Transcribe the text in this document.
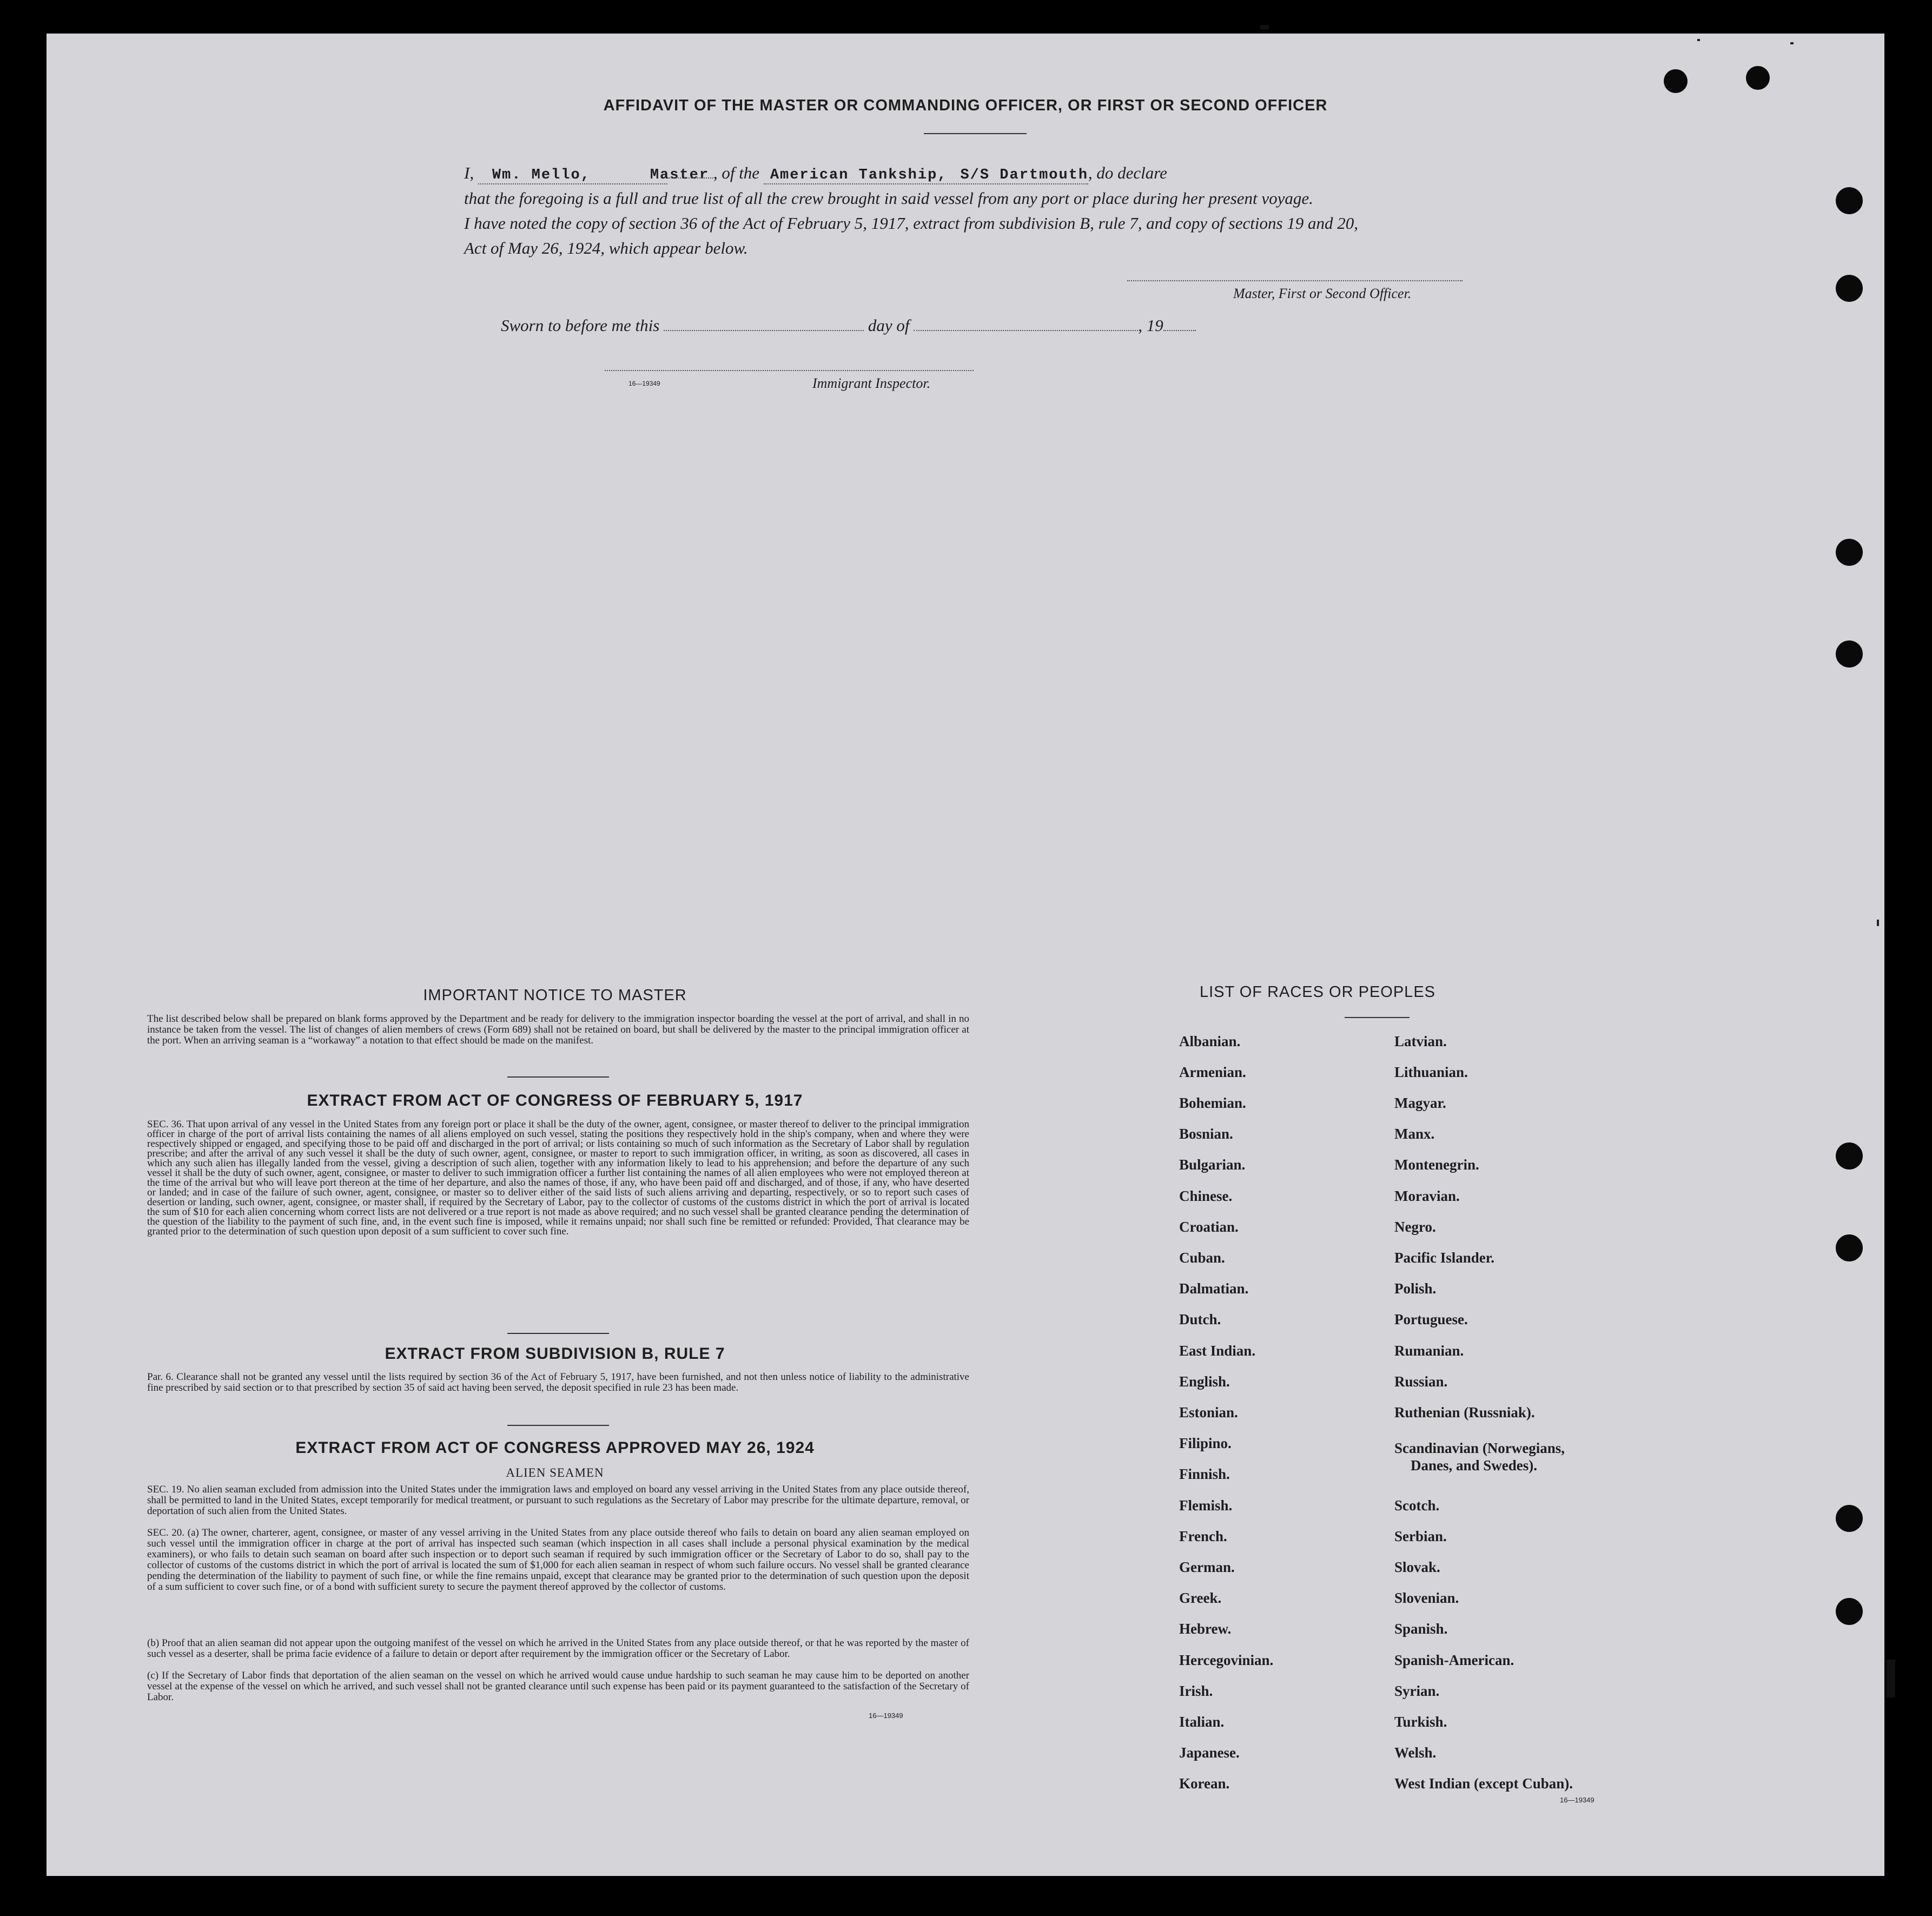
AFFIDAVIT OF THE MASTER OR COMMANDING OFFICER, OR FIRST OR SECOND OFFICER
I, Wm. Mello,	Master , of the American Tankship, S/S Dartmouth, do declare
that the foregoing is a full and true list of all the crew brought in said vessel from any port or place during her present voyage.
I have noted the copy of section 36 of the Act of February 5, 1917, extract from subdivision B, rule 7, and copy of sections 19 and 20,
Act of May 26, 1924, which appear below.
Master, First or Second Officer.
Sworn to before me this	day of	, 19
16—19349	Immigrant Inspector.
IMPORTANT NOTICE TO MASTER

The list described below shall be prepared on blank forms approved by the Department and be ready for delivery to the immigration inspector boarding the vessel at the port of arrival, and shall in no instance be taken from the vessel. The list of changes of alien members of crews (Form 689) shall not be retained on board, but shall be delivered by the master to the principal immigration officer at the port. When an arriving seaman is a “workaway” a notation to that effect should be made on the manifest.

EXTRACT FROM ACT OF CONGRESS OF FEBRUARY 5, 1917

SEC. 36. That upon arrival of any vessel in the United States from any foreign port or place it shall be the duty of the owner, agent, consignee, or master thereof to deliver to the principal immigration officer in charge of the port of arrival lists containing the names of all aliens employed on such vessel, stating the positions they respectively hold in the ship's company, when and where they were respectively shipped or engaged, and specifying those to be paid off and discharged in the port of arrival; or lists containing so much of such information as the Secretary of Labor shall by regulation prescribe; and after the arrival of any such vessel it shall be the duty of such owner, agent, consignee, or master to report to such immigration officer, in writing, as soon as discovered, all cases in which any such alien has illegally landed from the vessel, giving a description of such alien, together with any information likely to lead to his apprehension; and before the departure of any such vessel it shall be the duty of such owner, agent, consignee, or master to deliver to such immigration officer a further list containing the names of all alien employees who were not employed thereon at the time of the arrival but who will leave port thereon at the time of her departure, and also the names of those, if any, who have been paid off and discharged, and of those, if any, who have deserted or landed; and in case of the failure of such owner, agent, consignee, or master so to deliver either of the said lists of such aliens arriving and departing, respectively, or so to report such cases of desertion or landing, such owner, agent, consignee, or master shall, if required by the Secretary of Labor, pay to the collector of customs of the customs district in which the port of arrival is located the sum of $10 for each alien concerning whom correct lists are not delivered or a true report is not made as above required; and no such vessel shall be granted clearance pending the determination of the question of the liability to the payment of such fine, and, in the event such fine is imposed, while it remains unpaid; nor shall such fine be remitted or refunded: Provided, That clearance may be granted prior to the determination of such question upon deposit of a sum sufficient to cover such fine.

EXTRACT FROM SUBDIVISION B, RULE 7

Par. 6. Clearance shall not be granted any vessel until the lists required by section 36 of the Act of February 5, 1917, have been furnished, and not then unless notice of liability to the administrative fine prescribed by said section or to that prescribed by section 35 of said act having been served, the deposit specified in rule 23 has been made.

EXTRACT FROM ACT OF CONGRESS APPROVED MAY 26, 1924
ALIEN SEAMEN

SEC. 19. No alien seaman excluded from admission into the United States under the immigration laws and employed on board any vessel arriving in the United States from any place outside thereof, shall be permitted to land in the United States, except temporarily for medical treatment, or pursuant to such regulations as the Secretary of Labor may prescribe for the ultimate departure, removal, or deportation of such alien from the United States.

SEC. 20. (a) The owner, charterer, agent, consignee, or master of any vessel arriving in the United States from any place outside thereof who fails to detain on board any alien seaman employed on such vessel until the immigration officer in charge at the port of arrival has inspected such seaman (which inspection in all cases shall include a personal physical examination by the medical examiners), or who fails to detain such seaman on board after such inspection or to deport such seaman if required by such immigration officer or the Secretary of Labor to do so, shall pay to the collector of customs of the customs district in which the port of arrival is located the sum of $1,000 for each alien seaman in respect of whom such failure occurs. No vessel shall be granted clearance pending the determination of the liability to payment of such fine, or while the fine remains unpaid, except that clearance may be granted prior to the determination of such question upon the deposit of a sum sufficient to cover such fine, or of a bond with sufficient surety to secure the payment thereof approved by the collector of customs.

(b) Proof that an alien seaman did not appear upon the outgoing manifest of the vessel on which he arrived in the United States from any place outside thereof, or that he was reported by the master of such vessel as a deserter, shall be prima facie evidence of a failure to detain or deport after requirement by the immigration officer or the Secretary of Labor.

(c) If the Secretary of Labor finds that deportation of the alien seaman on the vessel on which he arrived would cause undue hardship to such seaman he may cause him to be deported on another vessel at the expense of the vessel on which he arrived, and such vessel shall not be granted clearance until such expense has been paid or its payment guaranteed to the satisfaction of the Secretary of Labor.

16—19349
LIST OF RACES OR PEOPLES
Albanian.
Armenian.
Bohemian.
Bosnian.
Bulgarian.
Chinese.
Croatian.
Cuban.
Dalmatian.
Dutch.
East Indian.
English.
Estonian.
Filipino.
Finnish.
Flemish.
French.
German.
Greek.
Hebrew.
Hercegovinian.
Irish.
Italian.
Japanese.
Korean.
Latvian.
Lithuanian.
Magyar.
Manx.
Montenegrin.
Moravian.
Negro.
Pacific Islander.
Polish.
Portuguese.
Rumanian.
Russian.
Ruthenian (Russniak).
Scandinavian (Norwegians,
Danes, and Swedes).
Scotch.
Serbian.
Slovak.
Slovenian.
Spanish.
Spanish-American.
Syrian.
Turkish.
Welsh.
West Indian (except Cuban).
16—19349
